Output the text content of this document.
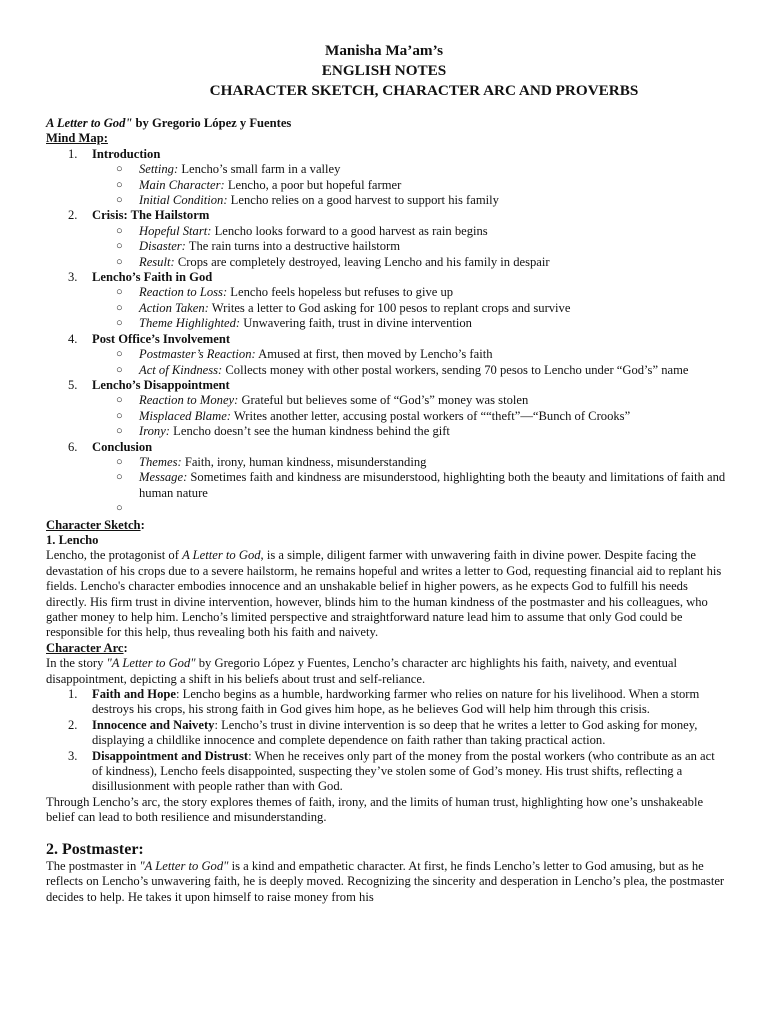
Manisha Ma’am’s
ENGLISH NOTES
CHARACTER SKETCH, CHARACTER ARC AND PROVERBS

A Letter to God" by Gregorio López y Fuentes

Mind Map:

1. Introduction
○ Setting: Lencho’s small farm in a valley
○ Main Character: Lencho, a poor but hopeful farmer
○ Initial Condition: Lencho relies on a good harvest to support his family
2. Crisis: The Hailstorm
○ Hopeful Start: Lencho looks forward to a good harvest as rain begins
○ Disaster: The rain turns into a destructive hailstorm
○ Result: Crops are completely destroyed, leaving Lencho and his family in despair
3. Lencho’s Faith in God
○ Reaction to Loss: Lencho feels hopeless but refuses to give up
○ Action Taken: Writes a letter to God asking for 100 pesos to replant crops and survive
○ Theme Highlighted: Unwavering faith, trust in divine intervention
4. Post Office’s Involvement
○ Postmaster’s Reaction: Amused at first, then moved by Lencho’s faith
○ Act of Kindness: Collects money with other postal workers, sending 70 pesos to Lencho under “God’s” name
5. Lencho’s Disappointment
○ Reaction to Money: Grateful but believes some of “God’s” money was stolen
○ Misplaced Blame: Writes another letter, accusing postal workers of ““theft”—“Bunch of Crooks”
○ Irony: Lencho doesn’t see the human kindness behind the gift
6. Conclusion
○ Themes: Faith, irony, human kindness, misunderstanding
○ Message: Sometimes faith and kindness are misunderstood, highlighting both the beauty and limitations of faith and human nature
○

Character Sketch:

1. Lencho

Lencho, the protagonist of A Letter to God, is a simple, diligent farmer with unwavering faith in divine power. Despite facing the devastation of his crops due to a severe hailstorm, he remains hopeful and writes a letter to God, requesting financial aid to replant his fields. Lencho's character embodies innocence and an unshakable belief in higher powers, as he expects God to fulfill his needs directly. His firm trust in divine intervention, however, blinds him to the human kindness of the postmaster and his colleagues, who gather money to help him. Lencho’s limited perspective and straightforward nature lead him to assume that only God could be responsible for this help, thus revealing both his faith and naivety.

Character Arc:

In the story "A Letter to God" by Gregorio López y Fuentes, Lencho’s character arc highlights his faith, naivety, and eventual disappointment, depicting a shift in his beliefs about trust and self-reliance.

1. Faith and Hope: Lencho begins as a humble, hardworking farmer who relies on nature for his livelihood. When a storm destroys his crops, his strong faith in God gives him hope, as he believes God will help him through this crisis.
2. Innocence and Naivety: Lencho’s trust in divine intervention is so deep that he writes a letter to God asking for money, displaying a childlike innocence and complete dependence on faith rather than taking practical action.
3. Disappointment and Distrust: When he receives only part of the money from the postal workers (who contribute as an act of kindness), Lencho feels disappointed, suspecting they’ve stolen some of God’s money. His trust shifts, reflecting a disillusionment with people rather than with God.

Through Lencho’s arc, the story explores themes of faith, irony, and the limits of human trust, highlighting how one’s unshakeable belief can lead to both resilience and misunderstanding.

2. Postmaster:

The postmaster in "A Letter to God" is a kind and empathetic character. At first, he finds Lencho’s letter to God amusing, but as he reflects on Lencho’s unwavering faith, he is deeply moved. Recognizing the sincerity and desperation in Lencho’s plea, the postmaster decides to help. He takes it upon himself to raise money from his
